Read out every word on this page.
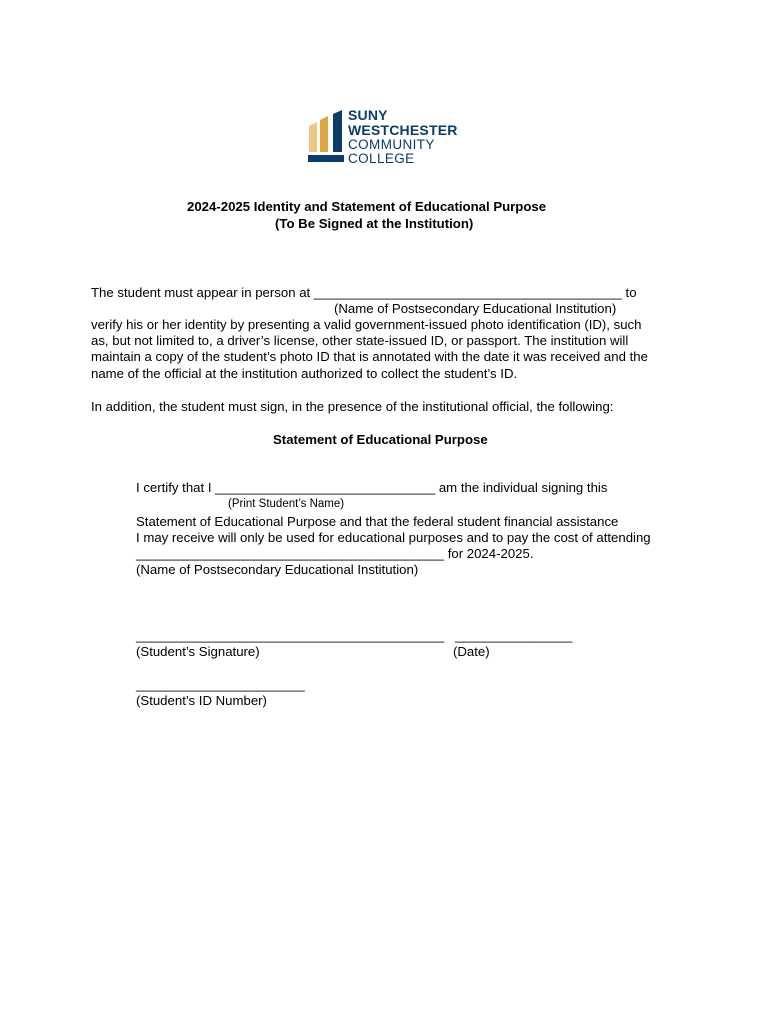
SUNY
WESTCHESTER
COMMUNITY
COLLEGE
2024-2025 Identity and Statement of Educational Purpose
(To Be Signed at the Institution)
The student must appear in person at __________________________________________ to
(Name of Postsecondary Educational Institution)
verify his or her identity by presenting a valid government-issued photo identification (ID), such
as, but not limited to, a driver’s license, other state-issued ID, or passport. The institution will
maintain a copy of the student’s photo ID that is annotated with the date it was received and the
name of the official at the institution authorized to collect the student’s ID.
In addition, the student must sign, in the presence of the institutional official, the following:
Statement of Educational Purpose
I certify that I ______________________________ am the individual signing this
(Print Student’s Name)
Statement of Educational Purpose and that the federal student financial assistance
I may receive will only be used for educational purposes and to pay the cost of attending
__________________________________________ for 2024-2025.
(Name of Postsecondary Educational Institution)
__________________________________________ ________________
(Student’s Signature)	(Date)
_______________________
(Student’s ID Number)
